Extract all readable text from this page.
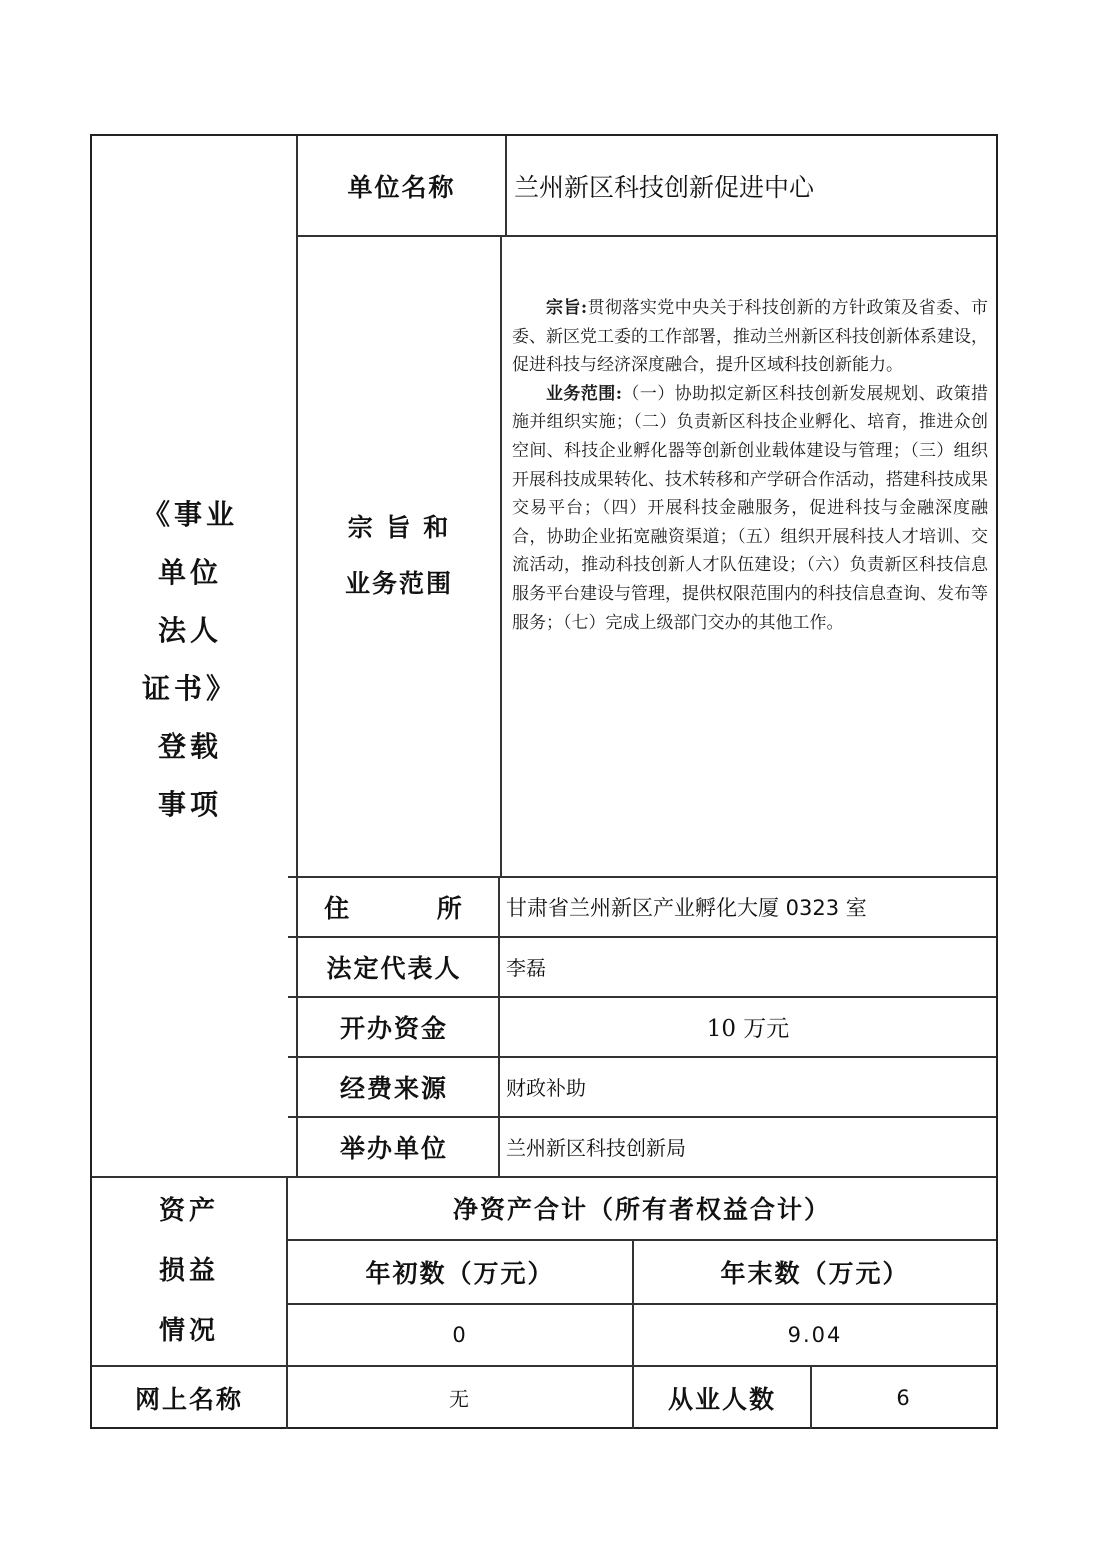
《事业
单位
法人
证书》
登载
事项
单位名称	兰州新区科技创新促进中心
宗 旨 和
业务范围

宗旨:贯彻落实党中央关于科技创新的方针政策及省委、市委、新区党工委的工作部署，推动兰州新区科技创新体系建设，促进科技与经济深度融合，提升区域科技创新能力。

业务范围:（一）协助拟定新区科技创新发展规划、政策措施并组织实施；（二）负责新区科技企业孵化、培育，推进众创空间、科技企业孵化器等创新创业载体建设与管理；（三）组织开展科技成果转化、技术转移和产学研合作活动，搭建科技成果交易平台；（四）开展科技金融服务，促进科技与金融深度融合，协助企业拓宽融资渠道；（五）组织开展科技人才培训、交流活动，推动科技创新人才队伍建设；（六）负责新区科技信息服务平台建设与管理，提供权限范围内的科技信息查询、发布等服务；（七）完成上级部门交办的其他工作。

住        所	甘肃省兰州新区产业孵化大厦 0323 室
法定代表人	李磊
开办资金	10 万元
经费来源	财政补助
举办单位	兰州新区科技创新局
资产
损益
情况
净资产合计（所有者权益合计）
年初数（万元）	年末数（万元）
0	9.04
网上名称	无	从业人数	6
